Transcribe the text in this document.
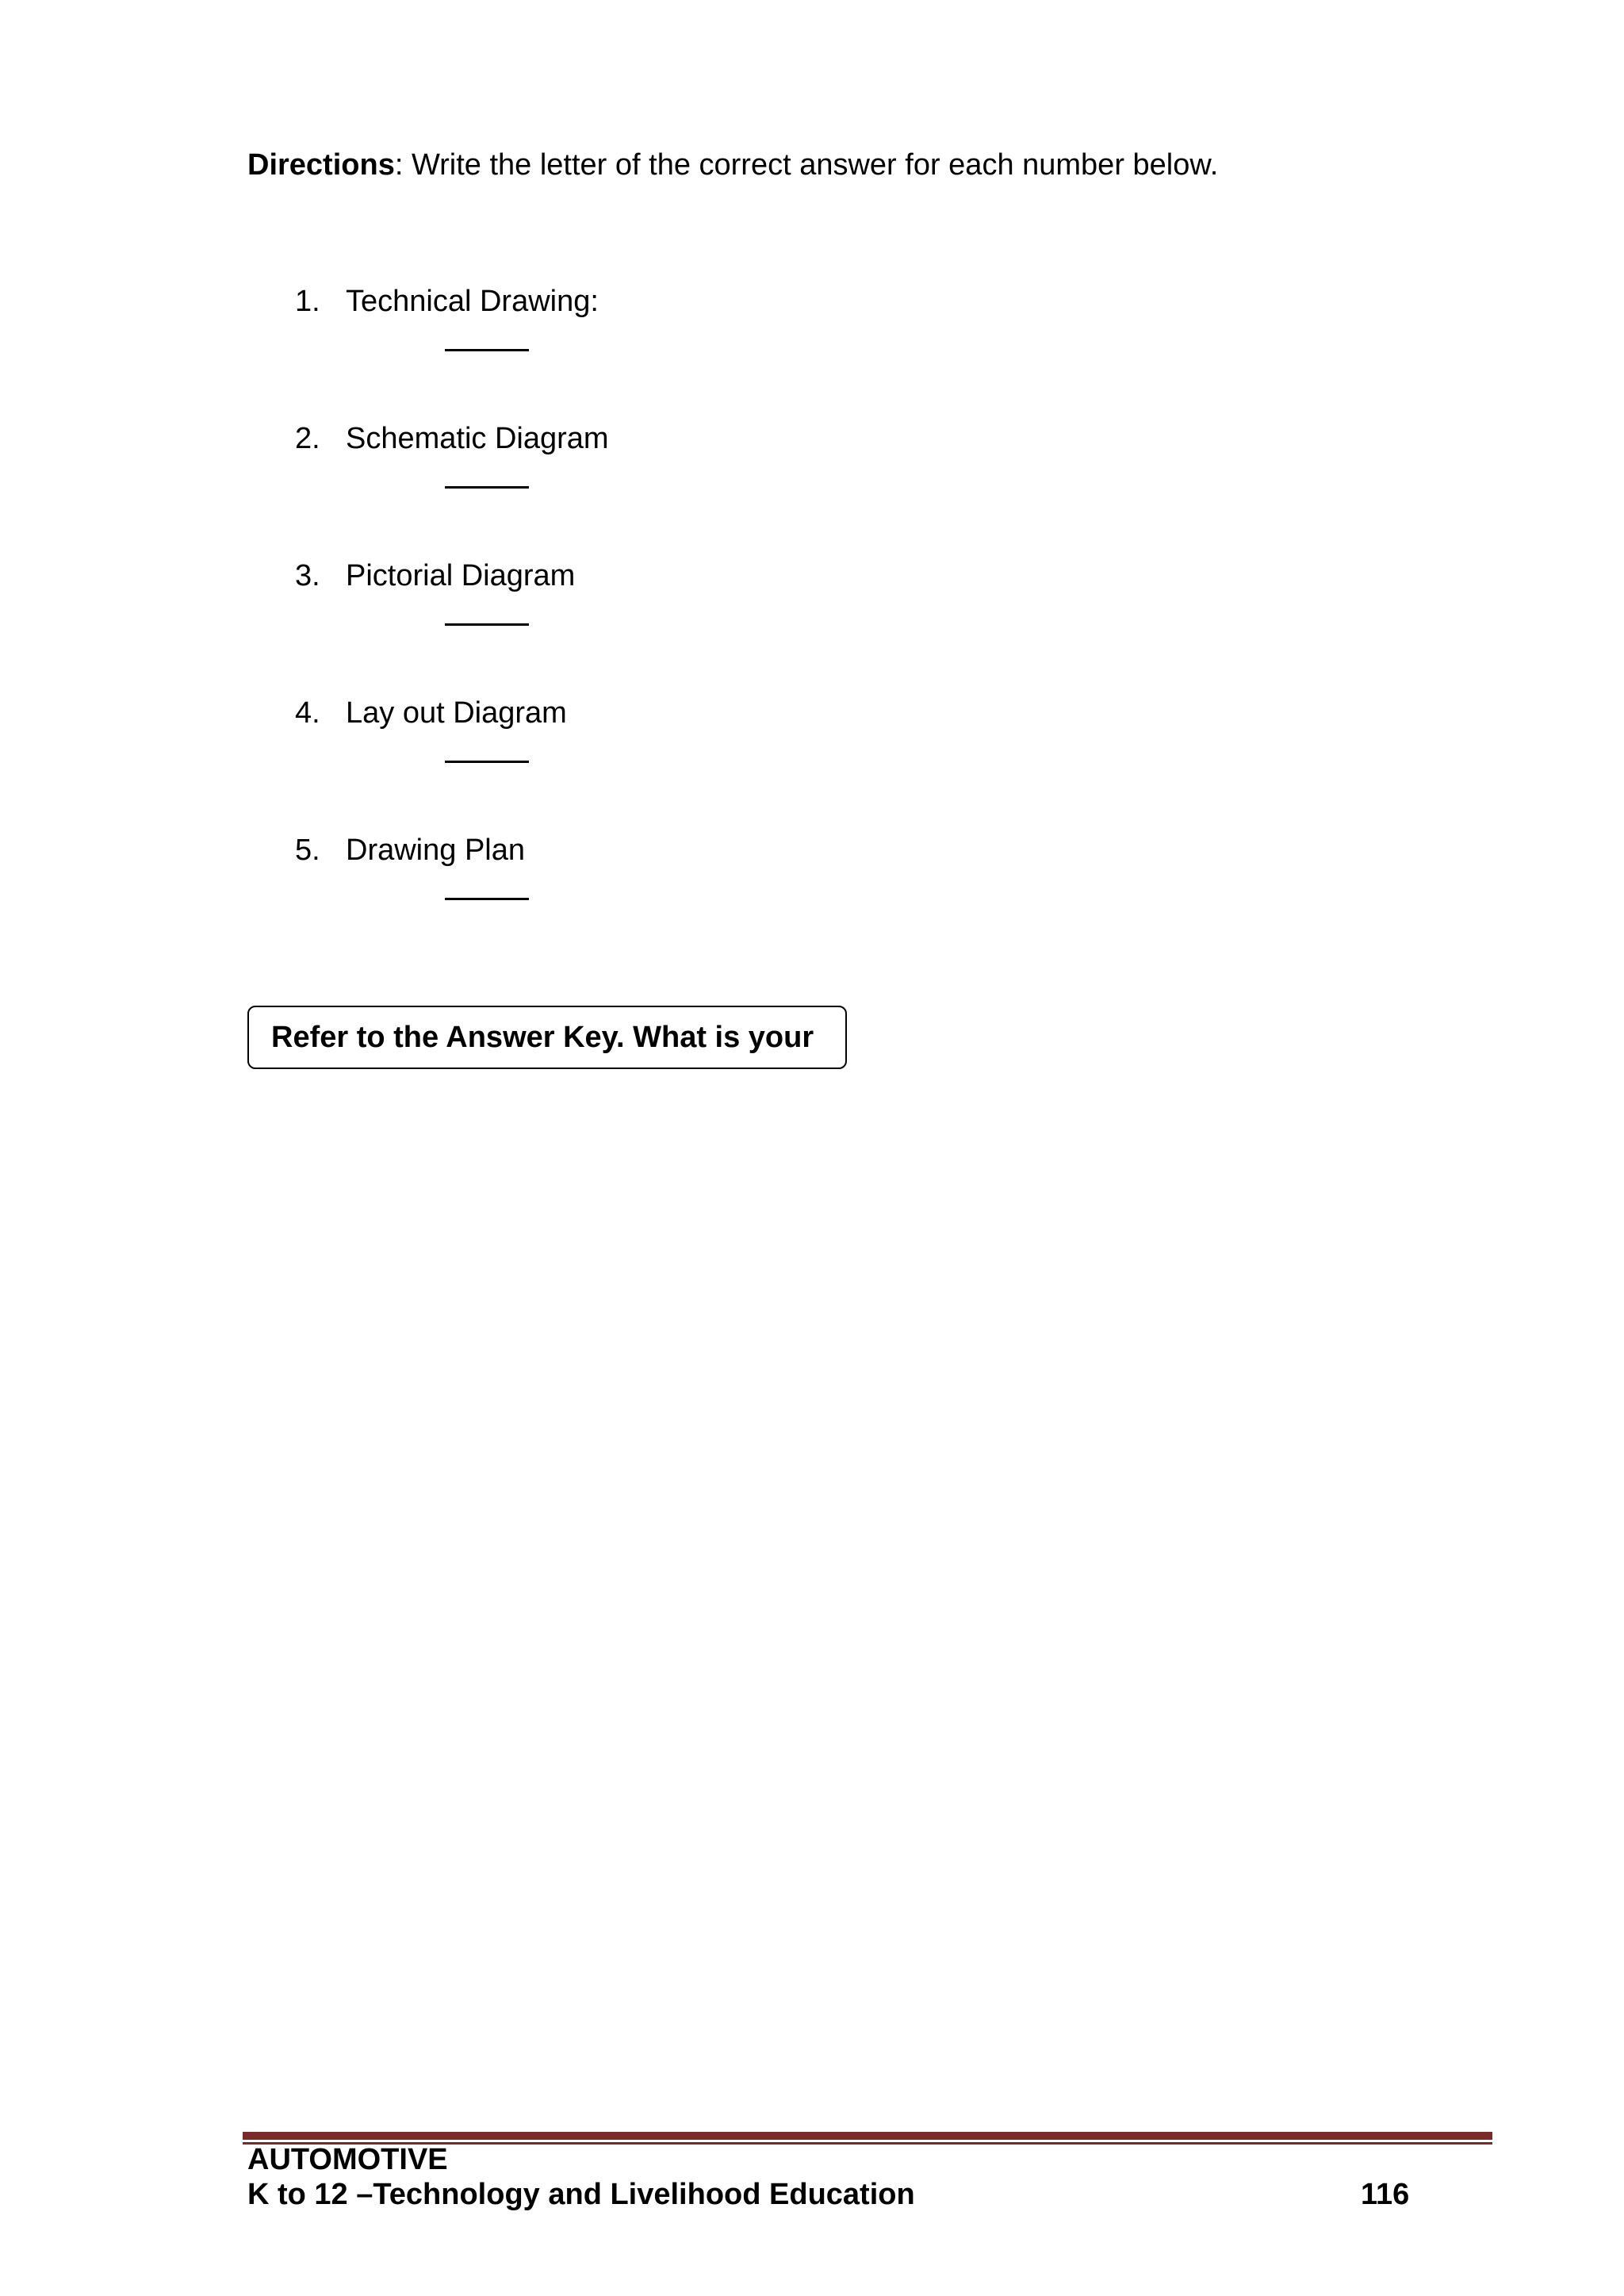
Directions: Write the letter of the correct answer for each number below.
1. Technical Drawing:
2. Schematic Diagram
3. Pictorial Diagram
4. Lay out Diagram
5. Drawing Plan
Refer to the Answer Key. What is your
AUTOMOTIVE
K to 12 –Technology and Livelihood Education	116
